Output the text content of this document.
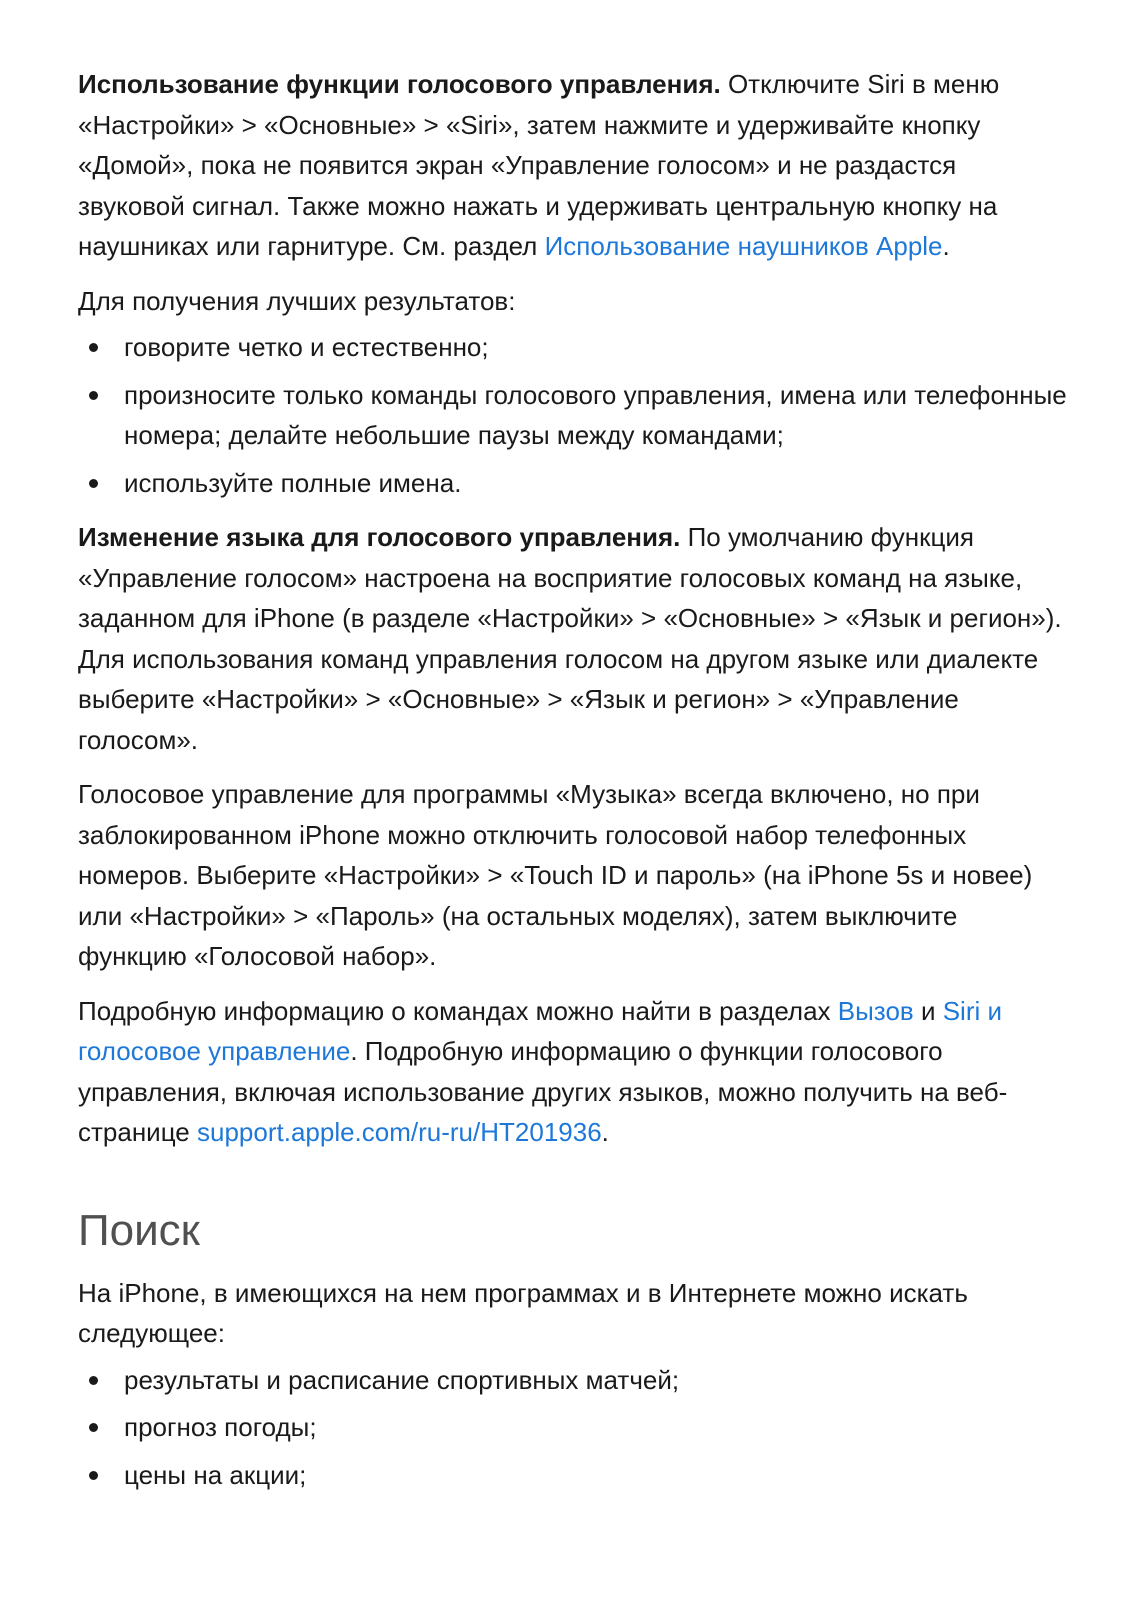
Использование функции голосового управления. Отключите Siri в меню «Настройки» > «Основные» > «Siri», затем нажмите и удерживайте кнопку «Домой», пока не появится экран «Управление голосом» и не раздастся звуковой сигнал. Также можно нажать и удерживать центральную кнопку на наушниках или гарнитуре. См. раздел Использование наушников Apple.

Для получения лучших результатов:

говорите четко и естественно;
произносите только команды голосового управления, имена или телефонные номера; делайте небольшие паузы между командами;
используйте полные имена.

Изменение языка для голосового управления. По умолчанию функция «Управление голосом» настроена на восприятие голосовых команд на языке, заданном для iPhone (в разделе «Настройки» > «Основные» > «Язык и регион»). Для использования команд управления голосом на другом языке или диалекте выберите «Настройки» > «Основные» > «Язык и регион» > «Управление голосом».

Голосовое управление для программы «Музыка» всегда включено, но при заблокированном iPhone можно отключить голосовой набор телефонных номеров. Выберите «Настройки» > «Touch ID и пароль» (на iPhone 5s и новее) или «Настройки» > «Пароль» (на остальных моделях), затем выключите функцию «Голосовой набор».

Подробную информацию о командах можно найти в разделах Вызов и Siri и голосовое управление. Подробную информацию о функции голосового управления, включая использование других языков, можно получить на веб-странице support.apple.com/ru-ru/HT201936.

Поиск

На iPhone, в имеющихся на нем программах и в Интернете можно искать следующее:

результаты и расписание спортивных матчей;
прогноз погоды;
цены на акции;
